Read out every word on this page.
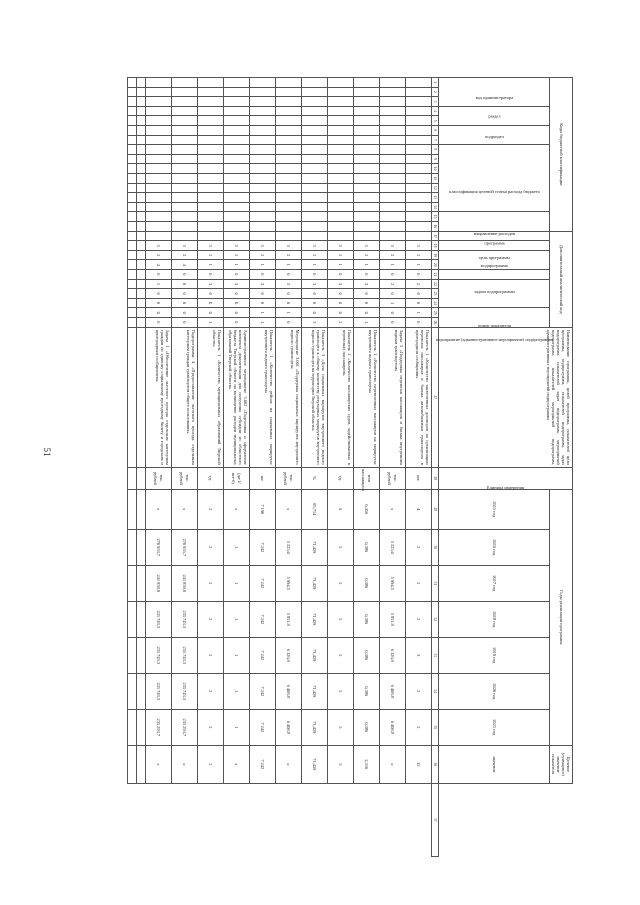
51
Коды бюджетной классификации																Дополнительный аналитический код										Наименование программы, целей программы, показателей цели программы, подпрограмм, показателей подпрограмм, задач подпрограмм, показателей задач подпрограмм, мероприятий подпрограмм, показателей мероприятий подпрограмм, административных мероприятий подпрограммы	Единица измерения	Годы реализации программы							Целевое (суммарное) значение показателя	
код администратора			раздел		подраздел		классификация целевой статьи расхода бюджета							направление расходов		программа	цель программы	подпрограмма		задача подпрограммы	мероприятие (административное мероприятие) подпрограммы			номер показателя				2015 год	2016 год	2017 год	2018 год	2019 год	2020 год	2021 год	значение	

1	2	3	4	5	6	7	8	9	10	11	12	13	14	15	16	17	18	19	20	21	22	23	24	25	26	27	28	29	30	31	32	33	34	35	36	37
																	3	2	1	0	2	0	0	1	0	Показатель 1 «Количество заключенных договоров на организацию перевозок пассажиров и багажа автомобильным транспортом в пригородном сообщении»	шт.	4	2	2	2	3	2	2	12	
																	3	2	1	0	2	0	1	0	0	Задача 3 «Поддержка перевозок пассажиров и багажа внутренним водным транспортом»	тыс. рублей	х	5 525,0	5 994,5	5 851,9	6 126,9	6 408,8	6 408,8	х	
																	3	2	1	0	3	0	0	0	1	Показатель 1 «Количество перевезенных пассажиров на маршрутах внутреннего водного транспорта»	млн пассажиров	0,456	0,386	0,386	0,386	0,386	0,386	0,386	2,316	
																	3	2	1	0	3	0	0	0	2	Показатель 2 «Количество пассажирских судов, задействованных в перевозках пассажиров»	ед.	6	5	5	5	5	5	5	5	
																	3	2	1	0	3	0	0	0	3	Показатель 3 «Доля социальных маршрутов внутреннего водного транспорта к общему количеству регулярных маршрутов внутреннего водного транспорта на территории Тверской области»	%	85,714	71,429	71,429	71,429	71,429	71,429	71,429	71,429	
																	3	2	1	0	3	0	0	1	0	Мероприятие 3.001 «Поддержка социальных маршрутов внутреннего водного транспорта»	тыс. рублей	х	5 525,0	5 994,5	5 851,9	6 126,9	6 408,8	6 408,8	х	
																	3	2	1	0	3	0	0	1	1	Показатель 1 «Количество рейсов на социальных маршрутах внутреннего водного транспорта»	шт	7 190	7 242	7 242	7 242	7 242	7 242	7 242	7 242	
																	3	2	1	0	3	0	Б	0	0	Административное мероприятие 3.002 «Подготовка и оформление комплекта документации для получения субсидии из областного бюджета Тверской области на возмещение расходов муниципальных образований Тверской области»	(да-1/нет-0)	х	1	1	1	1	1	1	х	
																	3	2	1	0	3	0	Б	0	1	Показатель 1 «Количество муниципальных образований Тверской области»	ед.	2	2	2	2	2	2	2	2	
																	3	2	4	0	0	0	0	0	0	Подпрограмма 4 «Предоставление льготного проезда отдельным категориям граждан транспортом общего пользования»	тыс. рублей	х	270 953,7	241 859,9	235 743,3	235 743,3	235 743,3	235 293,7	х	
																	3	2	4	0	1	0	0	0	0	Задача 1 «Обеспечение льготного проезда отдельным категориям граждан по единому социальному проездному билету и городским и пригородным сообщением»	тыс. рублей	х	270 953,7	241 859,9	235 743,3	235 743,3	235 743,3	235 293,7	х	
